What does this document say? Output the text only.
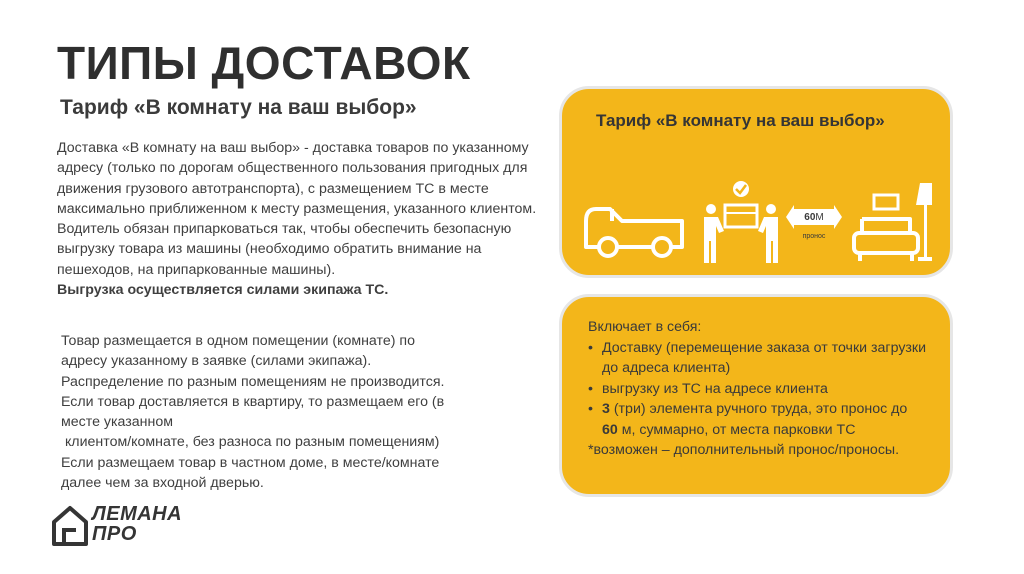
ТИПЫ ДОСТАВОК
Тариф «В комнату на ваш выбор»

Доставка «В комнату на ваш выбор» - доставка товаров по указанному адресу (только по дорогам общественного пользования пригодных для движения грузового автотранспорта), с размещением ТС в месте максимально приближенном к месту размещения, указанного клиентом.

Водитель обязан припарковаться так, чтобы обеспечить безопасную выгрузку товара из машины (необходимо обратить внимание на пешеходов, на припаркованные машины).

Выгрузка осуществляется силами экипажа ТС.

Товар размещается в одном помещении (комнате) по

адресу указанному в заявке (силами экипажа).

Распределение по разным помещениям не производится.

Если товар доставляется в квартиру, то размещаем его (в месте указанном

клиентом/комнате, без разноса по разным помещениям)

Если размещаем товар в частном доме, в месте/комнате далее чем за входной дверью.

Тариф «В комнату на ваш выбор»
60М
пронос
Включает в себя:
• Доставку (перемещение заказа от точки загрузки до адреса клиента)
• выгрузку из ТС на адресе клиента
• 3 (три) элемента ручного труда, это пронос до
60 м, суммарно, от места парковки ТС
*возможен – дополнительный пронос/проносы.
ЛЕМАНА
ПРО
